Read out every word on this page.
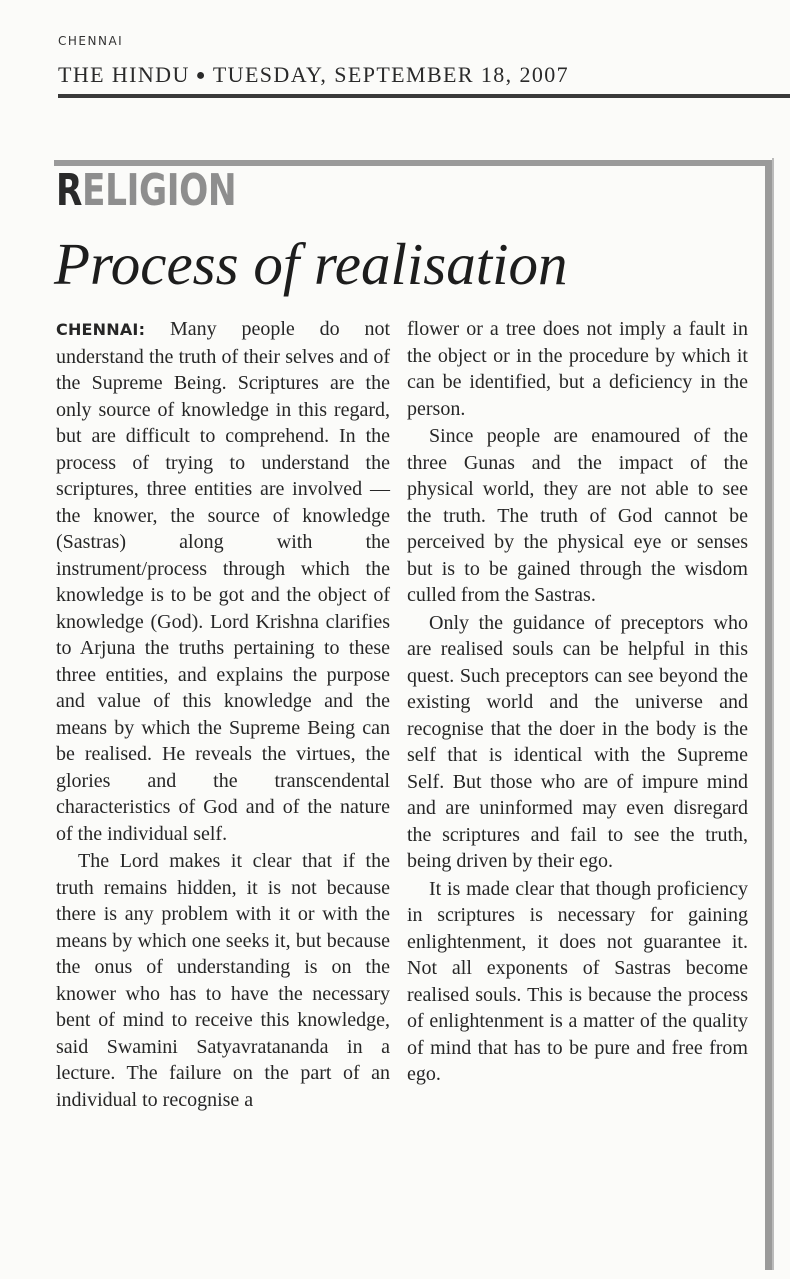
CHENNAI
THE HINDU ● TUESDAY, SEPTEMBER 18, 2007
RELIGION
Process of realisation

CHENNAI: Many people do not understand the truth of their selves and of the Supreme Being. Scriptures are the only source of knowledge in this regard, but are difficult to comprehend. In the process of trying to understand the scriptures, three entities are involved — the knower, the source of knowledge (Sastras) along with the instrument/process through which the knowledge is to be got and the object of knowledge (God). Lord Krishna clarifies to Arjuna the truths pertaining to these three entities, and explains the purpose and value of this knowledge and the means by which the Supreme Being can be realised. He reveals the virtues, the glories and the transcendental characteristics of God and of the nature of the individual self.

The Lord makes it clear that if the truth remains hidden, it is not because there is any problem with it or with the means by which one seeks it, but because the onus of understanding is on the knower who has to have the necessary bent of mind to receive this knowledge, said Swamini Satyavratananda in a lecture. The failure on the part of an individual to recognise a

flower or a tree does not imply a fault in the object or in the procedure by which it can be identified, but a deficiency in the person.

Since people are enamoured of the three Gunas and the impact of the physical world, they are not able to see the truth. The truth of God cannot be perceived by the physical eye or senses but is to be gained through the wisdom culled from the Sastras.

Only the guidance of preceptors who are realised souls can be helpful in this quest. Such preceptors can see beyond the existing world and the universe and recognise that the doer in the body is the self that is identical with the Supreme Self. But those who are of impure mind and are uninformed may even disregard the scriptures and fail to see the truth, being driven by their ego.

It is made clear that though proficiency in scriptures is necessary for gaining enlightenment, it does not guarantee it. Not all exponents of Sastras become realised souls. This is because the process of enlightenment is a matter of the quality of mind that has to be pure and free from ego.
